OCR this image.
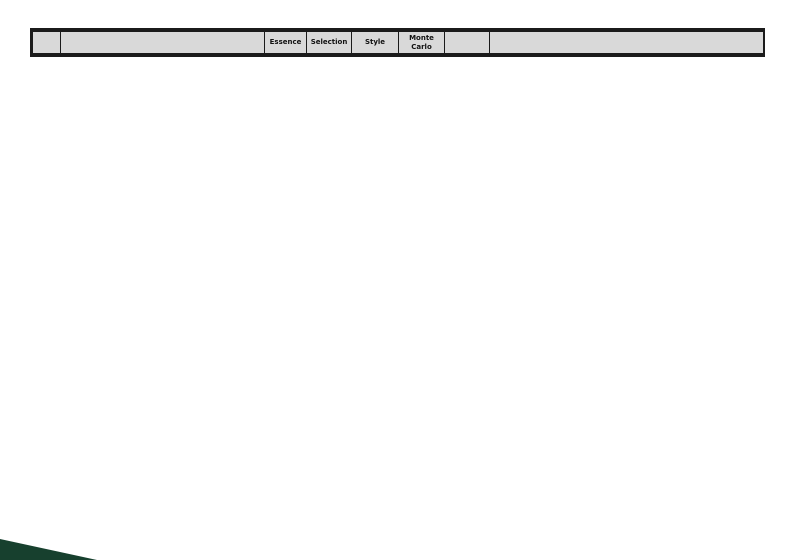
		Essence	Selection	Style	Monte Carlo		
